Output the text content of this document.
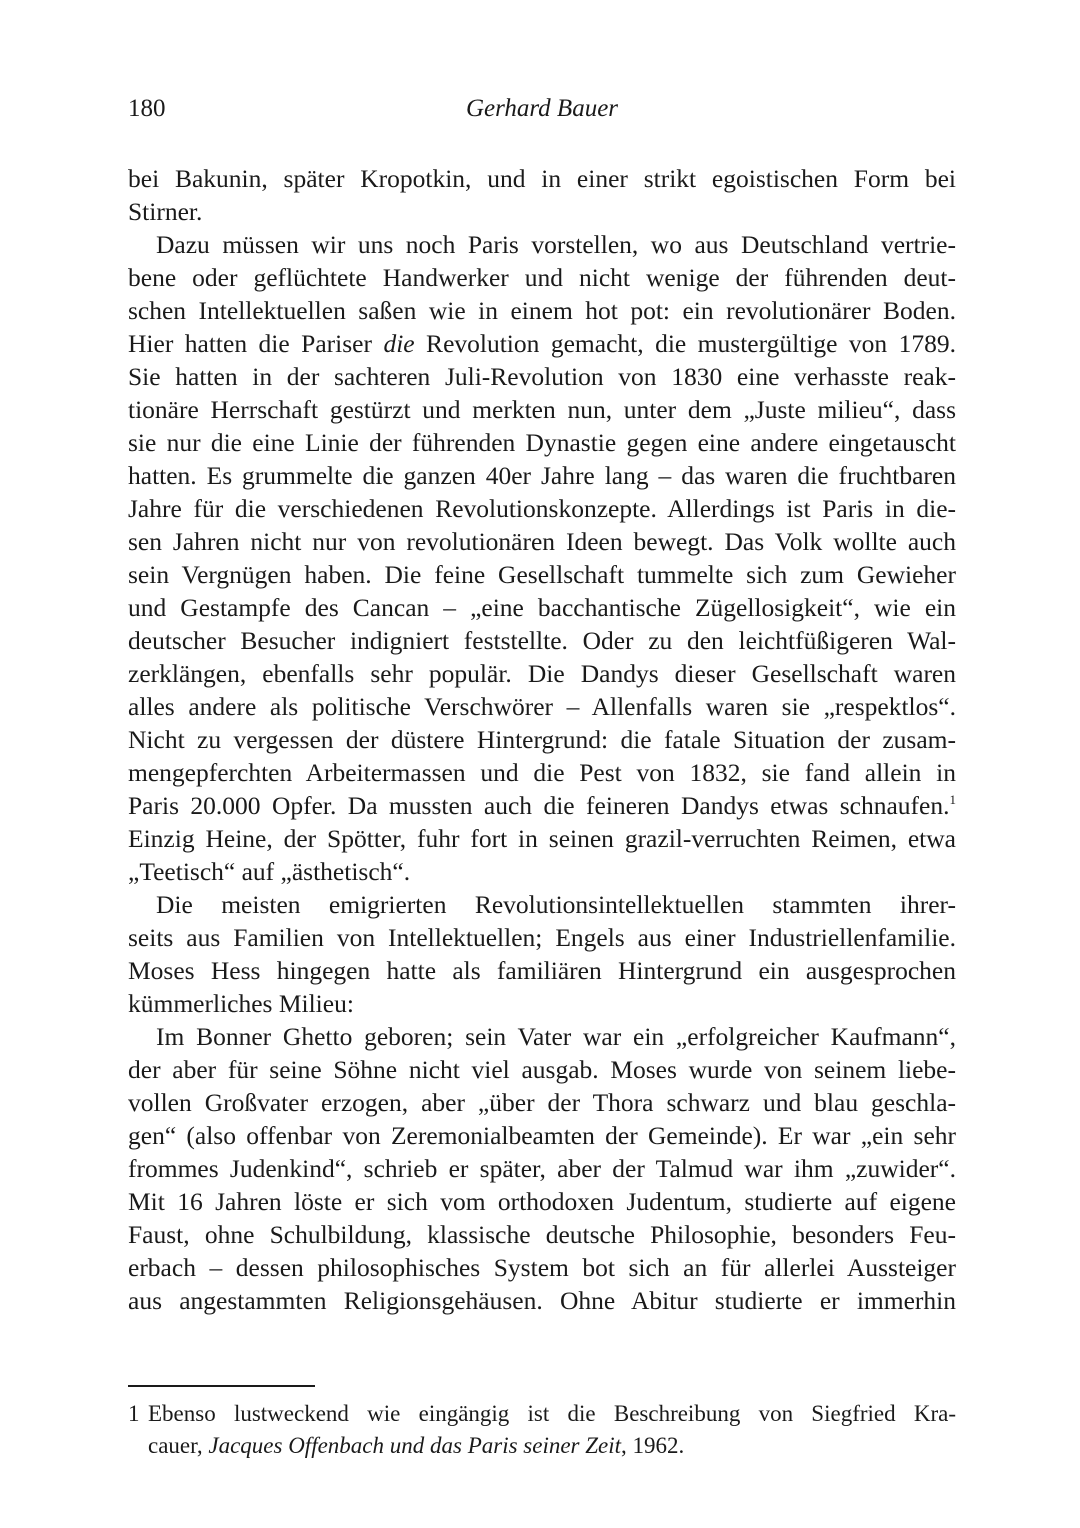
180	Gerhard Bauer
bei Bakunin, später Kropotkin, und in einer strikt egoistischen Form bei
Stirner.
Dazu müssen wir uns noch Paris vorstellen, wo aus Deutschland vertrie-
bene oder geflüchtete Handwerker und nicht wenige der führenden deut-
schen Intellektuellen saßen wie in einem hot pot: ein revolutionärer Boden.
Hier hatten die Pariser die Revolution gemacht, die mustergültige von 1789.
Sie hatten in der sachteren Juli-Revolution von 1830 eine verhasste reak-
tionäre Herrschaft gestürzt und merkten nun, unter dem „Juste milieu“, dass
sie nur die eine Linie der führenden Dynastie gegen eine andere eingetauscht
hatten. Es grummelte die ganzen 40er Jahre lang – das waren die fruchtbaren
Jahre für die verschiedenen Revolutionskonzepte. Allerdings ist Paris in die-
sen Jahren nicht nur von revolutionären Ideen bewegt. Das Volk wollte auch
sein Vergnügen haben. Die feine Gesellschaft tummelte sich zum Gewieher
und Gestampfe des Cancan – „eine bacchantische Zügellosigkeit“, wie ein
deutscher Besucher indigniert feststellte. Oder zu den leichtfüßigeren Wal-
zerklängen, ebenfalls sehr populär. Die Dandys dieser Gesellschaft waren
alles andere als politische Verschwörer – Allenfalls waren sie „respektlos“.
Nicht zu vergessen der düstere Hintergrund: die fatale Situation der zusam-
mengepferchten Arbeitermassen und die Pest von 1832, sie fand allein in
Paris 20.000 Opfer. Da mussten auch die feineren Dandys etwas schnaufen.$^1$
Einzig Heine, der Spötter, fuhr fort in seinen grazil-verruchten Reimen, etwa
„Teetisch“ auf „ästhetisch“.
Die meisten emigrierten Revolutionsintellektuellen stammten ihrer-
seits aus Familien von Intellektuellen; Engels aus einer Industriellenfamilie.
Moses Hess hingegen hatte als familiären Hintergrund ein ausgesprochen
kümmerliches Milieu:
Im Bonner Ghetto geboren; sein Vater war ein „erfolgreicher Kaufmann“,
der aber für seine Söhne nicht viel ausgab. Moses wurde von seinem liebe-
vollen Großvater erzogen, aber „über der Thora schwarz und blau geschla-
gen“ (also offenbar von Zeremonialbeamten der Gemeinde). Er war „ein sehr
frommes Judenkind“, schrieb er später, aber der Talmud war ihm „zuwider“.
Mit 16 Jahren löste er sich vom orthodoxen Judentum, studierte auf eigene
Faust, ohne Schulbildung, klassische deutsche Philosophie, besonders Feu-
erbach – dessen philosophisches System bot sich an für allerlei Aussteiger
aus angestammten Religionsgehäusen. Ohne Abitur studierte er immerhin
1 Ebenso lustweckend wie eingängig ist die Beschreibung von Siegfried Kra-
cauer, Jacques Offenbach und das Paris seiner Zeit, 1962.
